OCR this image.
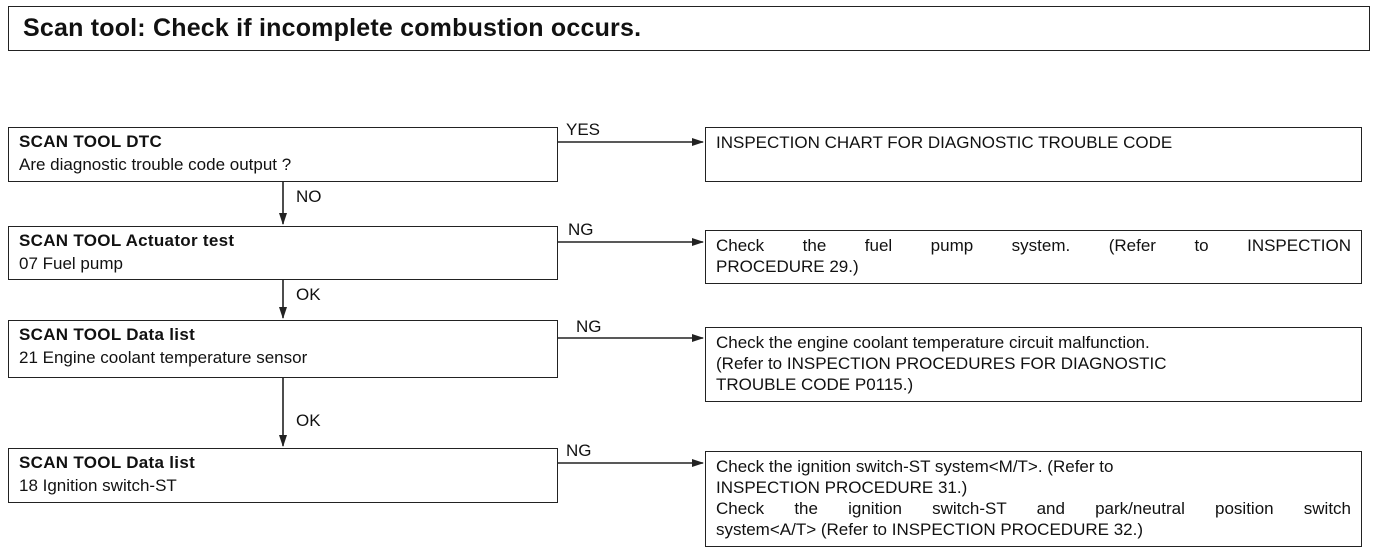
Scan tool: Check if incomplete combustion occurs.
SCAN TOOL DTC
Are diagnostic trouble code output ?
SCAN TOOL Actuator test
07 Fuel pump
SCAN TOOL Data list
21 Engine coolant temperature sensor
SCAN TOOL Data list
18 Ignition switch-ST
YES
NG
NG
NG
NO
OK
OK
INSPECTION CHART FOR DIAGNOSTIC TROUBLE CODE
Check the fuel pump system. (Refer to INSPECTION
PROCEDURE 29.)
Check the engine coolant temperature circuit malfunction.
(Refer to INSPECTION PROCEDURES FOR DIAGNOSTIC
TROUBLE CODE P0115.)
Check the ignition switch-ST system<M/T>. (Refer to
INSPECTION PROCEDURE 31.)
Check the ignition switch-ST and park/neutral position switch
system<A/T> (Refer to INSPECTION PROCEDURE 32.)
